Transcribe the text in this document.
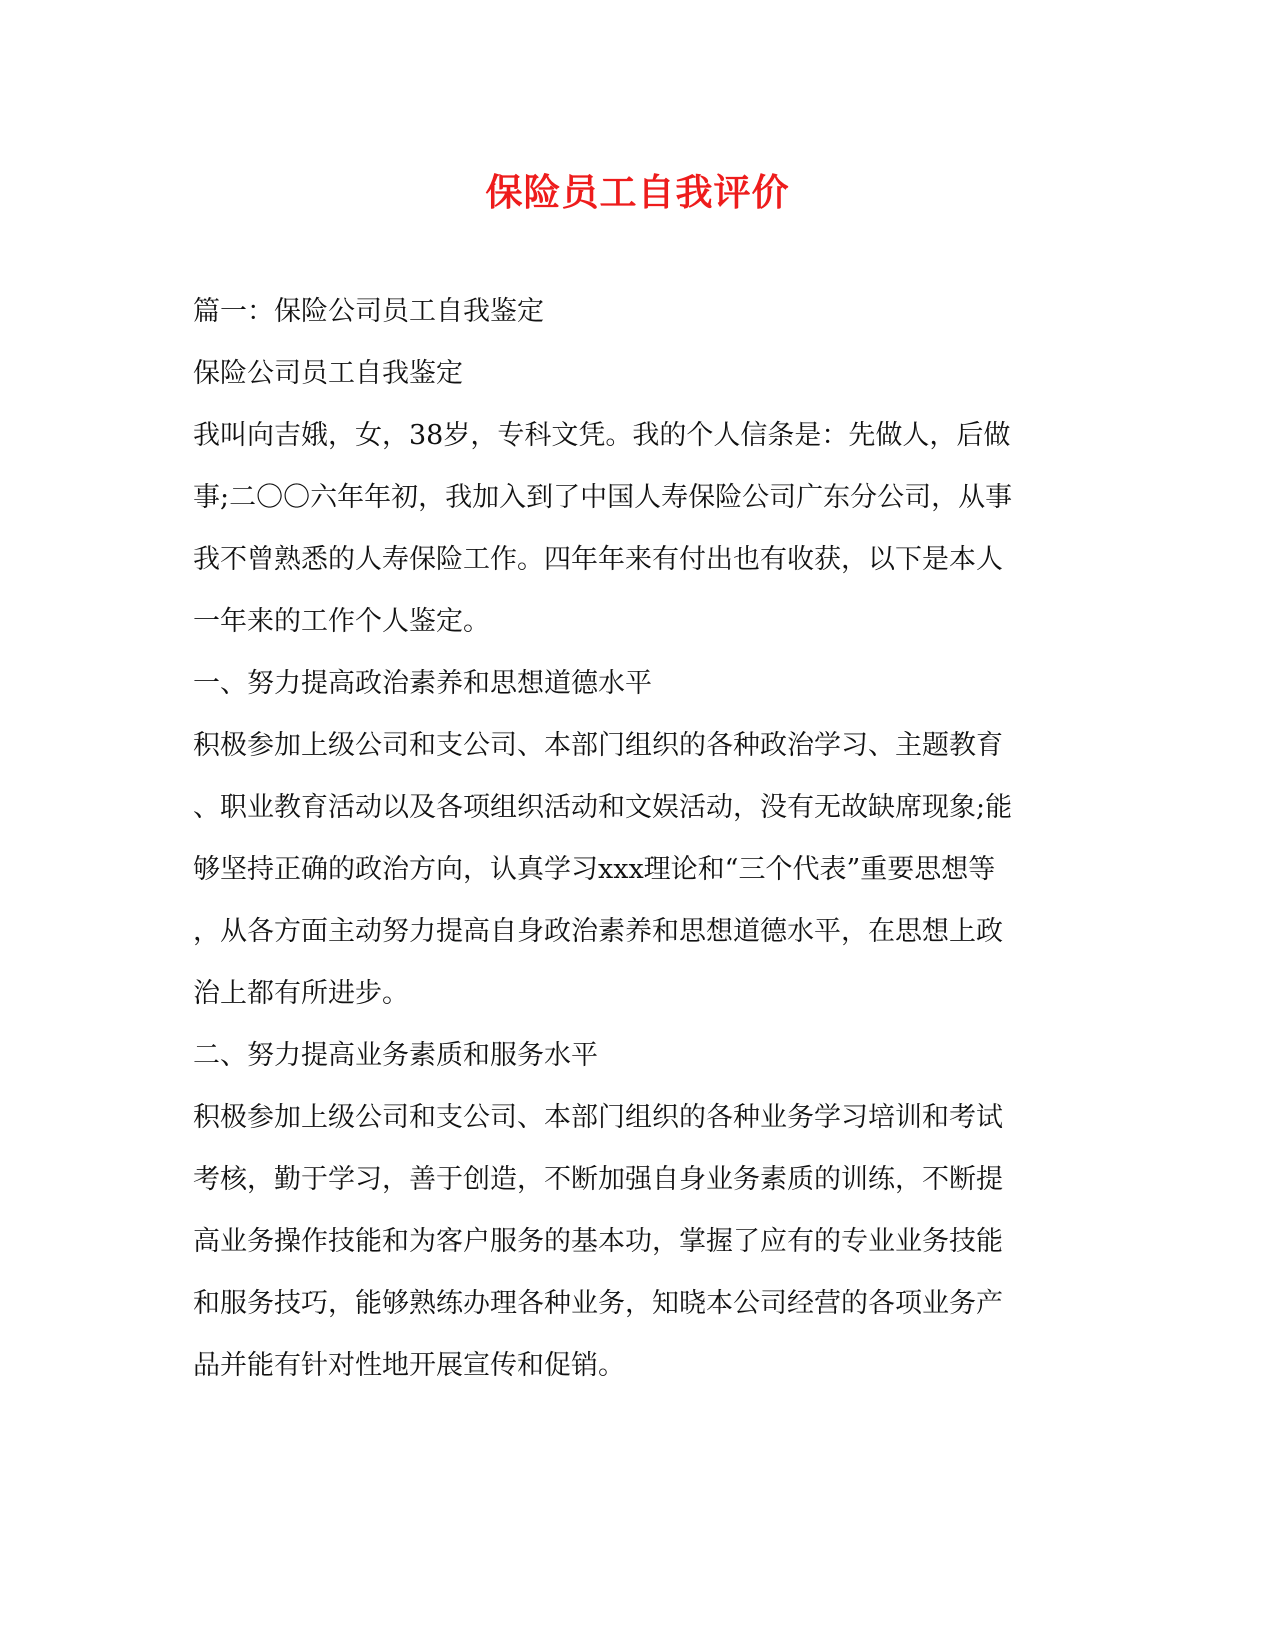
保险员工自我评价
篇一：保险公司员工自我鉴定
保险公司员工自我鉴定
我叫向吉娥，女，38岁，专科文凭。我的个人信条是：先做人，后做
事;二〇〇六年年初，我加入到了中国人寿保险公司广东分公司，从事
我不曾熟悉的人寿保险工作。四年年来有付出也有收获，以下是本人
一年来的工作个人鉴定。
一、努力提高政治素养和思想道德水平
积极参加上级公司和支公司、本部门组织的各种政治学习、主题教育
、职业教育活动以及各项组织活动和文娱活动，没有无故缺席现象;能
够坚持正确的政治方向，认真学习xxx理论和“三个代表”重要思想等
，从各方面主动努力提高自身政治素养和思想道德水平，在思想上政
治上都有所进步。
二、努力提高业务素质和服务水平
积极参加上级公司和支公司、本部门组织的各种业务学习培训和考试
考核，勤于学习，善于创造，不断加强自身业务素质的训练，不断提
高业务操作技能和为客户服务的基本功，掌握了应有的专业业务技能
和服务技巧，能够熟练办理各种业务，知晓本公司经营的各项业务产
品并能有针对性地开展宣传和促销。
